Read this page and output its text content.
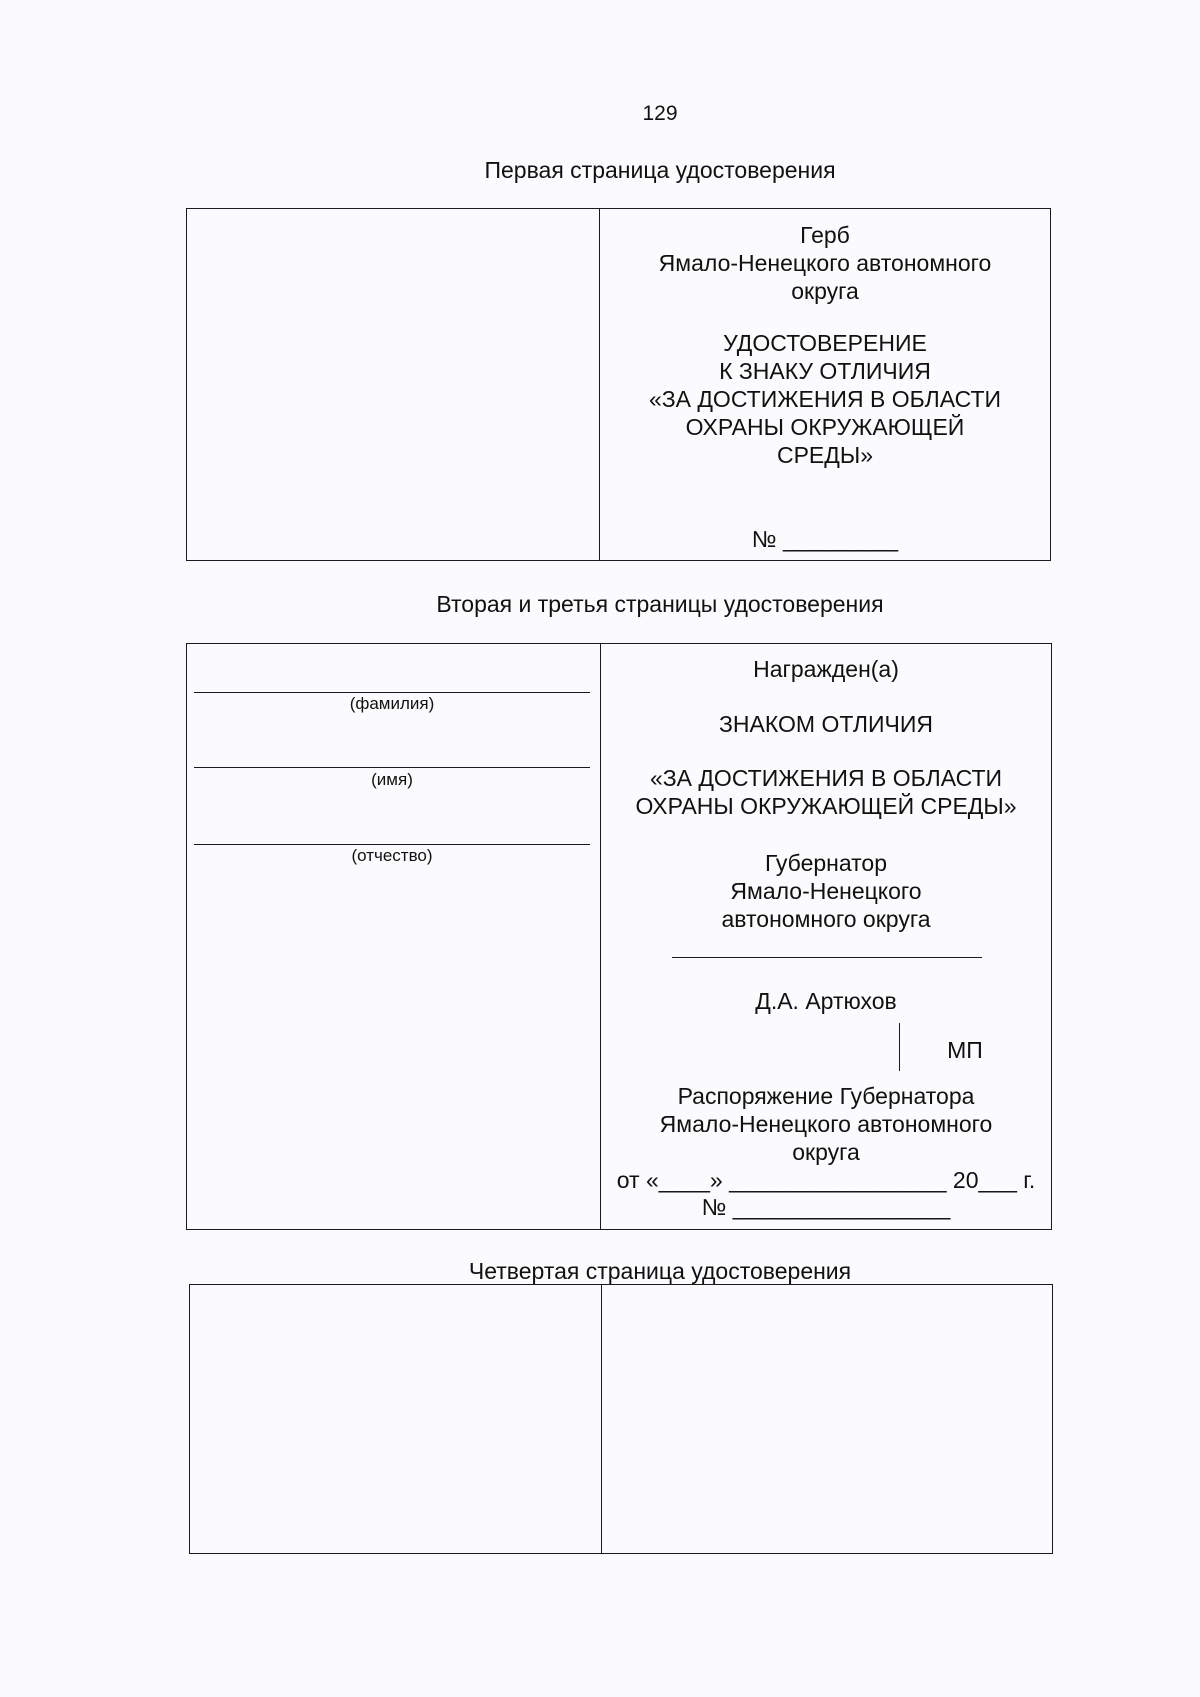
129
Первая страница удостоверения
Герб
Ямало-Ненецкого автономного
округа
УДОСТОВЕРЕНИЕ
К ЗНАКУ ОТЛИЧИЯ
«ЗА ДОСТИЖЕНИЯ В ОБЛАСТИ
ОХРАНЫ ОКРУЖАЮЩЕЙ
СРЕДЫ»
№ _________
Вторая и третья страницы удостоверения
(фамилия)
(имя)
(отчество)
Награжден(а)
ЗНАКОМ ОТЛИЧИЯ
«ЗА ДОСТИЖЕНИЯ В ОБЛАСТИ
ОХРАНЫ ОКРУЖАЮЩЕЙ СРЕДЫ»
Губернатор
Ямало-Ненецкого
автономного округа
Д.А. Артюхов
МП
Распоряжение Губернатора
Ямало-Ненецкого автономного
округа
от «____» _________________ 20___ г.
№ _________________
Четвертая страница удостоверения
